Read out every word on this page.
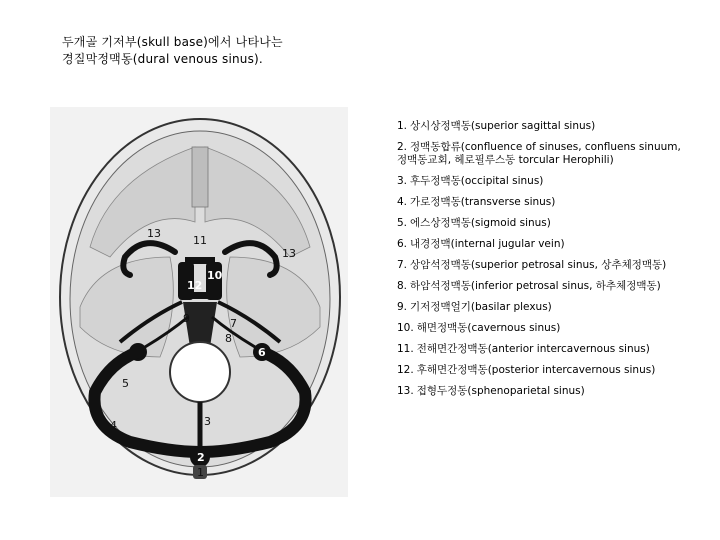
두개골 기저부(skull base)에서 나타나는
경질막정맥동(dural venous sinus).
1
2
3
4
5
6
7
8
9
10
11
12
13
13
1. 상시상정맥동(superior sagittal sinus)
2. 정맥동합류(confluence of sinuses, confluens sinuum, 정맥동교회, 헤로필루스동 torcular Herophili)
3. 후두정맥동(occipital sinus)
4. 가로정맥동(transverse sinus)
5. 에스상정맥동(sigmoid sinus)
6. 내경정맥(internal jugular vein)
7. 상암석정맥동(superior petrosal sinus, 상추체정맥동)
8. 하암석정맥동(inferior petrosal sinus, 하추체정맥동)
9. 기저정맥얼기(basilar plexus)
10. 해면정맥동(cavernous sinus)
11. 전해면간정맥동(anterior intercavernous sinus)
12. 후해면간정맥동(posterior intercavernous sinus)
13. 접형두정동(sphenoparietal sinus)
